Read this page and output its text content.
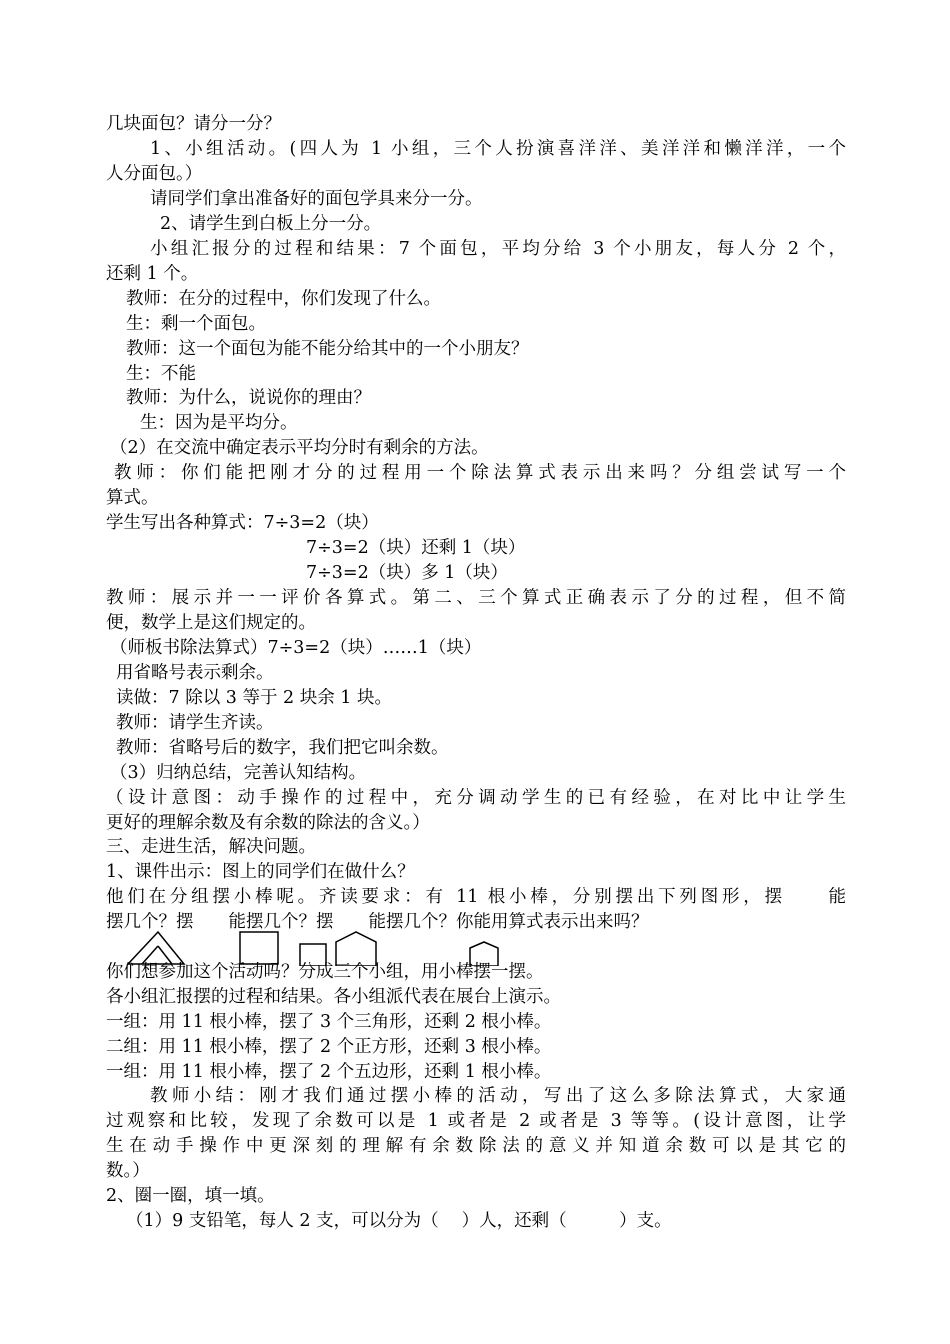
几块面包？请分一分？
1、小组活动。(四人为 1 小组，三个人扮演喜洋洋、美洋洋和懒洋洋，一个
人分面包。）
请同学们拿出准备好的面包学具来分一分。
2、请学生到白板上分一分。
小组汇报分的过程和结果：7 个面包，平均分给 3 个小朋友，每人分 2 个，
还剩 1 个。
教师：在分的过程中，你们发现了什么。
生：剩一个面包。
教师：这一个面包为能不能分给其中的一个小朋友？
生：不能
教师：为什么，说说你的理由？
生：因为是平均分。
（2）在交流中确定表示平均分时有剩余的方法。
教师：你们能把刚才分的过程用一个除法算式表示出来吗？分组尝试写一个
算式。
学生写出各种算式：7÷3=2（块）
7÷3=2（块）还剩 1（块）
7÷3=2（块）多 1（块）
教师：展示并一一评价各算式。第二、三个算式正确表示了分的过程，但不简
便，数学上是这们规定的。
（师板书除法算式）7÷3=2（块）……1（块）
用省略号表示剩余。
读做：7 除以 3 等于 2 块余 1 块。
教师：请学生齐读。
教师：省略号后的数字，我们把它叫余数。
（3）归纳总结，完善认知结构。
（设计意图：动手操作的过程中，充分调动学生的已有经验，在对比中让学生
更好的理解余数及有余数的除法的含义。）
三、走进生活，解决问题。
1、课件出示：图上的同学们在做什么？
他们在分组摆小棒呢。齐读要求：有 11 根小棒，分别摆出下列图形，摆　　能
摆几个？摆　　能摆几个？摆　　能摆几个？你能用算式表示出来吗？
你们想参加这个活动吗？分成三个小组，用小棒摆一摆。
各小组汇报摆的过程和结果。各小组派代表在展台上演示。
一组：用 11 根小棒，摆了 3 个三角形，还剩 2 根小棒。
二组：用 11 根小棒，摆了 2 个正方形，还剩 3 根小棒。
一组：用 11 根小棒，摆了 2 个五边形，还剩 1 根小棒。
教师小结：刚才我们通过摆小棒的活动，写出了这么多除法算式，大家通
过观察和比较，发现了余数可以是 1 或者是 2 或者是 3 等等。(设计意图，让学
生在动手操作中更深刻的理解有余数除法的意义并知道余数可以是其它的
数。）
2、圈一圈，填一填。
（1）9 支铅笔，每人 2 支，可以分为（　 ）人，还剩（　　　）支。
